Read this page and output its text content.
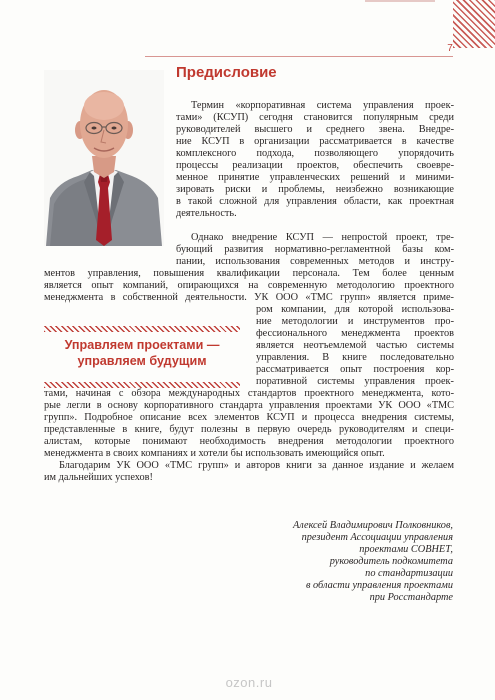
7
Предисловие

Управляем проектами —

управляем будущим

Термин «корпоративная система управления проек-

тами» (КСУП) сегодня становится популярным среди

руководителей высшего и среднего звена. Внедре-

ние КСУП в организации рассматривается в качестве

комплексного подхода, позволяющего упорядочить

процессы реализации проектов, обеспечить своевре-

менное принятие управленческих решений и миними-

зировать риски и проблемы, неизбежно возникающие

в такой сложной для управления области, как проектная

деятельность.

Однако внедрение КСУП — непростой проект, тре-

бующий развития нормативно-регламентной базы ком-

пании, использования современных методов и инстру-

ментов управления, повышения квалификации персонала. Тем более ценным

является опыт компаний, опирающихся на современную методологию проектного

менеджмента в собственной деятельности. УК ООО «ТМС групп» является приме-

ром компании, для которой использова-

ние методологии и инструментов про-

фессионального менеджмента проектов

является неотъемлемой частью системы

управления. В книге последовательно

рассматривается опыт построения кор-

поративной системы управления проек-

тами, начиная с обзора международных стандартов проектного менеджмента, кото-

рые легли в основу корпоративного стандарта управления проектами УК ООО «ТМС

групп». Подробное описание всех элементов КСУП и процесса внедрения системы,

представленные в книге, будут полезны в первую очередь руководителям и специ-

алистам, которые понимают необходимость внедрения методологии проектного

менеджмента в своих компаниях и хотели бы использовать имеющийся опыт.

Благодарим УК ООО «ТМС групп» и авторов книги за данное издание и желаем

им дальнейших успехов!

Алексей Владимирович Полковников,

президент Ассоциации управления

проектами СОВНЕТ,

руководитель подкомитета

по стандартизации

в области управления проектами

при Росстандарте

ozon.ru
